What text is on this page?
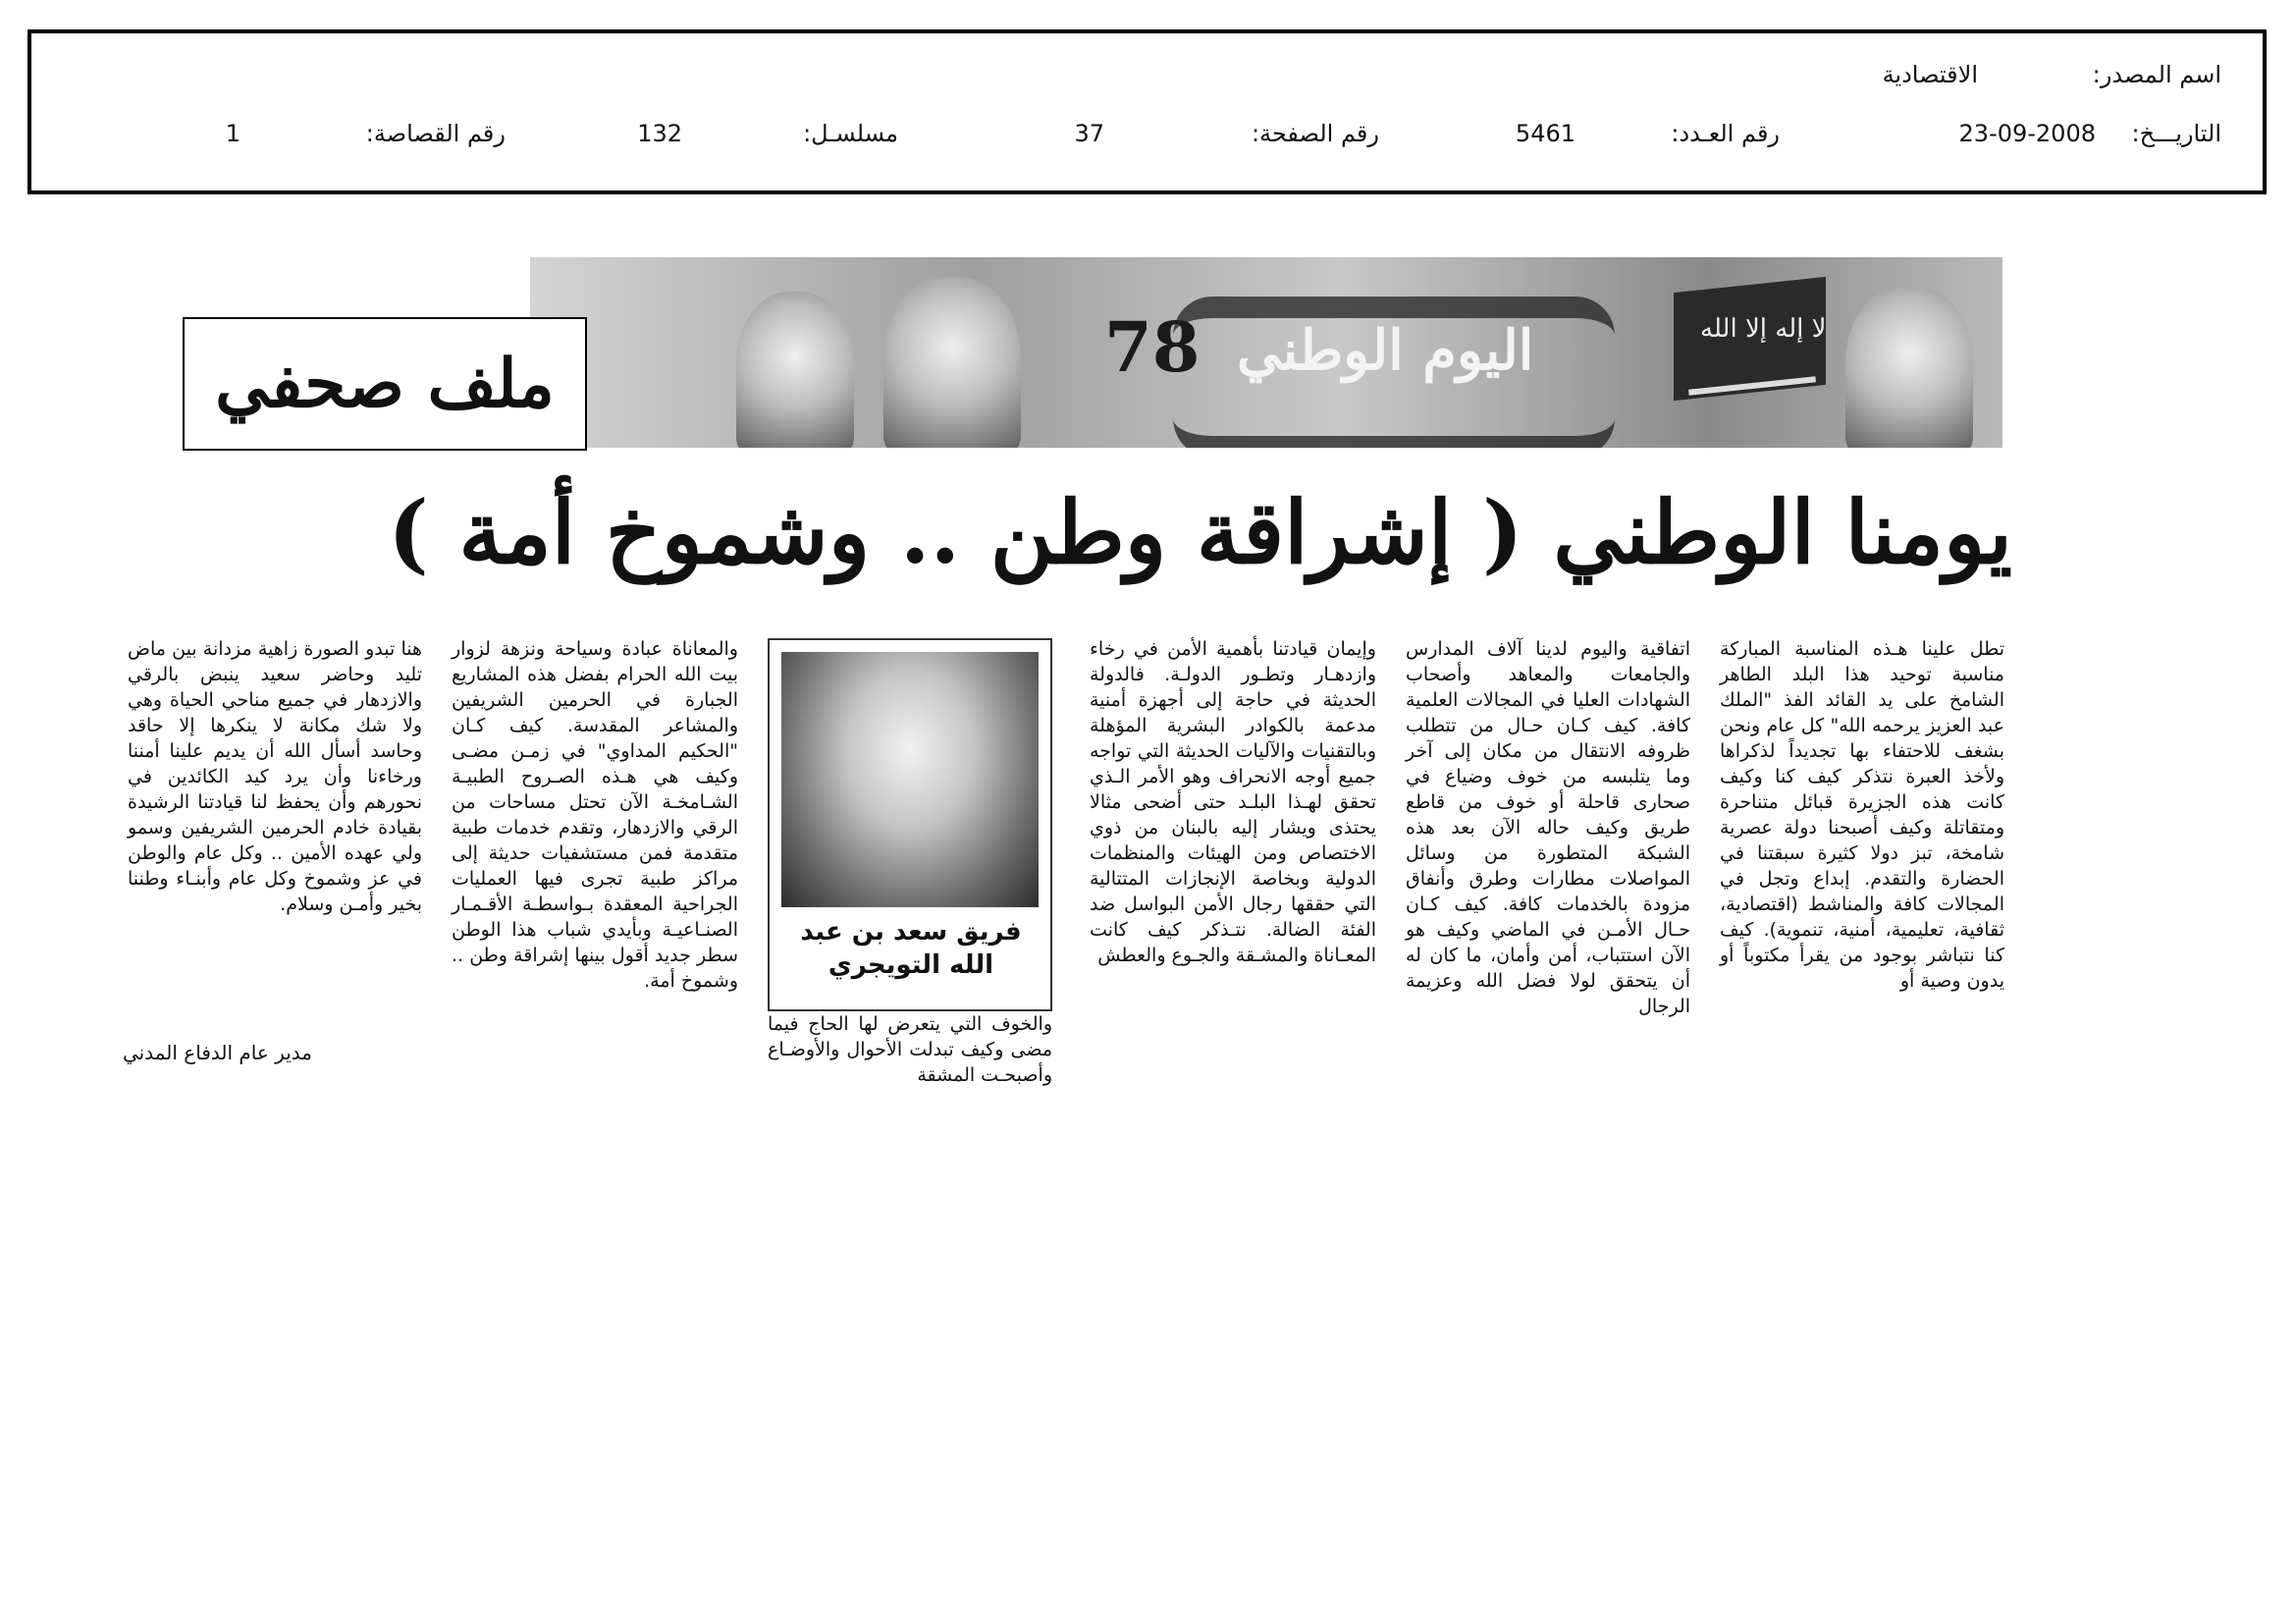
اسم المصدر:
الاقتصادية
التاريـــخ:
23-09-2008
رقم العـدد:
5461
رقم الصفحة:
37
مسلسـل:
132
رقم القصاصة:
1
لا إله إلا الله
78 اليوم الوطني
ملف صحفي
يومنا الوطني ( إشراقة وطن .. وشموخ أمة )

تطل علينا هـذه المناسبة المباركة مناسبة توحيد هذا البلد الطاهر الشامخ على يد القائد الفذ "الملك عبد العزيز يرحمه الله" كل عام ونحن بشغف للاحتفاء بها تجديداً لذكراها ولأخذ العبرة نتذكر كيف كنا وكيف كانت هذه الجزيرة قبائل متناحرة ومتقاتلة وكيف أصبحنا دولة عصرية شامخة، تبز دولا كثيرة سبقتنا في الحضارة والتقدم. إبداع وتجل في المجالات كافة والمناشط (اقتصادية، ثقافية، تعليمية، أمنية، تنموية). كيف كنا نتباشر بوجود من يقرأ مكتوباً أو يدون وصية أو

اتفاقية واليوم لدينا آلاف المدارس والجامعات والمعاهد وأصحاب الشهادات العليا في المجالات العلمية كافة. كيف كـان حـال من تتطلب ظروفه الانتقال من مكان إلى آخر وما يتلبسه من خوف وضياع في صحارى قاحلة أو خوف من قاطع طريق وكيف حاله الآن بعد هذه الشبكة المتطورة من وسائل المواصلات مطارات وطرق وأنفاق مزودة بالخدمات كافة. كيف كـان حـال الأمـن في الماضي وكيف هو الآن استتباب، أمن وأمان، ما كان له أن يتحقق لولا فضل الله وعزيمة الرجال

وإيمان قيادتنا بأهمية الأمن في رخاء وازدهـار وتطـور الدولـة. فالدولة الحديثة في حاجة إلى أجهزة أمنية مدعمة بالكوادر البشرية المؤهلة وبالتقنيات والآليات الحديثة التي تواجه جميع أوجه الانحراف وهو الأمر الـذي تحقق لهـذا البلـد حتى أضحى مثالا يحتذى ويشار إليه بالبنان من ذوي الاختصاص ومن الهيئات والمنظمات الدولية وبخاصة الإنجازات المتتالية التي حققها رجال الأمن البواسل ضد الفئة الضالة. نتـذكر كيف كانت المعـاناة والمشـقة والجـوع والعطش

فريق سعد بن عبد الله التويجري

والخوف التي يتعرض لها الحاج فيما مضى وكيف تبدلت الأحوال والأوضـاع وأصبحـت المشقة

والمعاناة عبادة وسياحة ونزهة لزوار بيت الله الحرام بفضل هذه المشاريع الجبارة في الحرمين الشريفين والمشاعر المقدسة. كيف كـان "الحكيم المداوي" في زمـن مضـى وكيف هي هـذه الصـروح الطبيـة الشـامخـة الآن تحتل مساحات من الرقي والازدهار، وتقدم خدمات طبية متقدمة فمن مستشفيات حديثة إلى مراكز طبية تجرى فيها العمليات الجراحية المعقدة بـواسطـة الأقـمـار الصنـاعيـة وبأيدي شباب هذا الوطن سطر جديد أقول بينها إشراقة وطن .. وشموخ أمة.

هنا تبدو الصورة زاهية مزدانة بين ماض تليد وحاضر سعيد ينبض بالرقي والازدهار في جميع مناحي الحياة وهي ولا شك مكانة لا ينكرها إلا حاقد وحاسد أسأل الله أن يديم علينا أمننا ورخاءنا وأن يرد كيد الكائدين في نحورهم وأن يحفظ لنا قيادتنا الرشيدة بقيادة خادم الحرمين الشريفين وسمو ولي عهده الأمين .. وكل عام والوطن في عز وشموخ وكل عام وأبنـاء وطننا بخير وأمـن وسلام.

مدير عام الدفاع المدني
